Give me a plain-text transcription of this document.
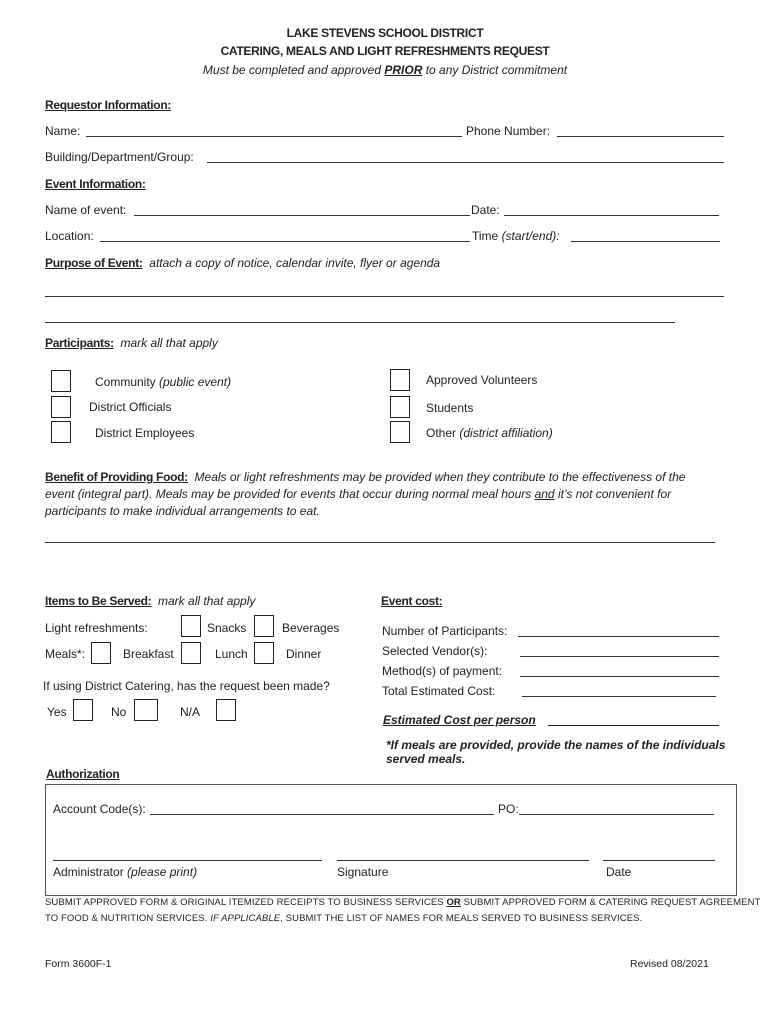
LAKE STEVENS SCHOOL DISTRICT
CATERING, MEALS AND LIGHT REFRESHMENTS REQUEST
Must be completed and approved PRIOR to any District commitment
Requestor Information:
Name:	Phone Number:
Building/Department/Group:
Event Information:
Name of event:	Date:
Location:	Time (start/end):
Purpose of Event: attach a copy of notice, calendar invite, flyer or agenda
Participants: mark all that apply
Community (public event)
District Officials
District Employees
Approved Volunteers
Students
Other (district affiliation)
Benefit of Providing Food: Meals or light refreshments may be provided when they contribute to the effectiveness of the
event (integral part). Meals may be provided for events that occur during normal meal hours and it’s not convenient for
participants to make individual arrangements to eat.
Items to Be Served: mark all that apply
Light refreshments:	Snacks	Beverages
Meals*:	Breakfast	Lunch	Dinner
If using District Catering, has the request been made?
Yes	No	N/A
Event cost:
Number of Participants:
Selected Vendor(s):
Method(s) of payment:
Total Estimated Cost:
Estimated Cost per person
*If meals are provided, provide the names of the individuals
served meals.
Authorization
Account Code(s):	PO:
Administrator (please print)	Signature	Date
SUBMIT APPROVED FORM & ORIGINAL ITEMIZED RECEIPTS TO BUSINESS SERVICES OR SUBMIT APPROVED FORM & CATERING REQUEST AGREEMENT
TO FOOD & NUTRITION SERVICES. IF APPLICABLE, SUBMIT THE LIST OF NAMES FOR MEALS SERVED TO BUSINESS SERVICES.
Form 3600F-1	Revised 08/2021
